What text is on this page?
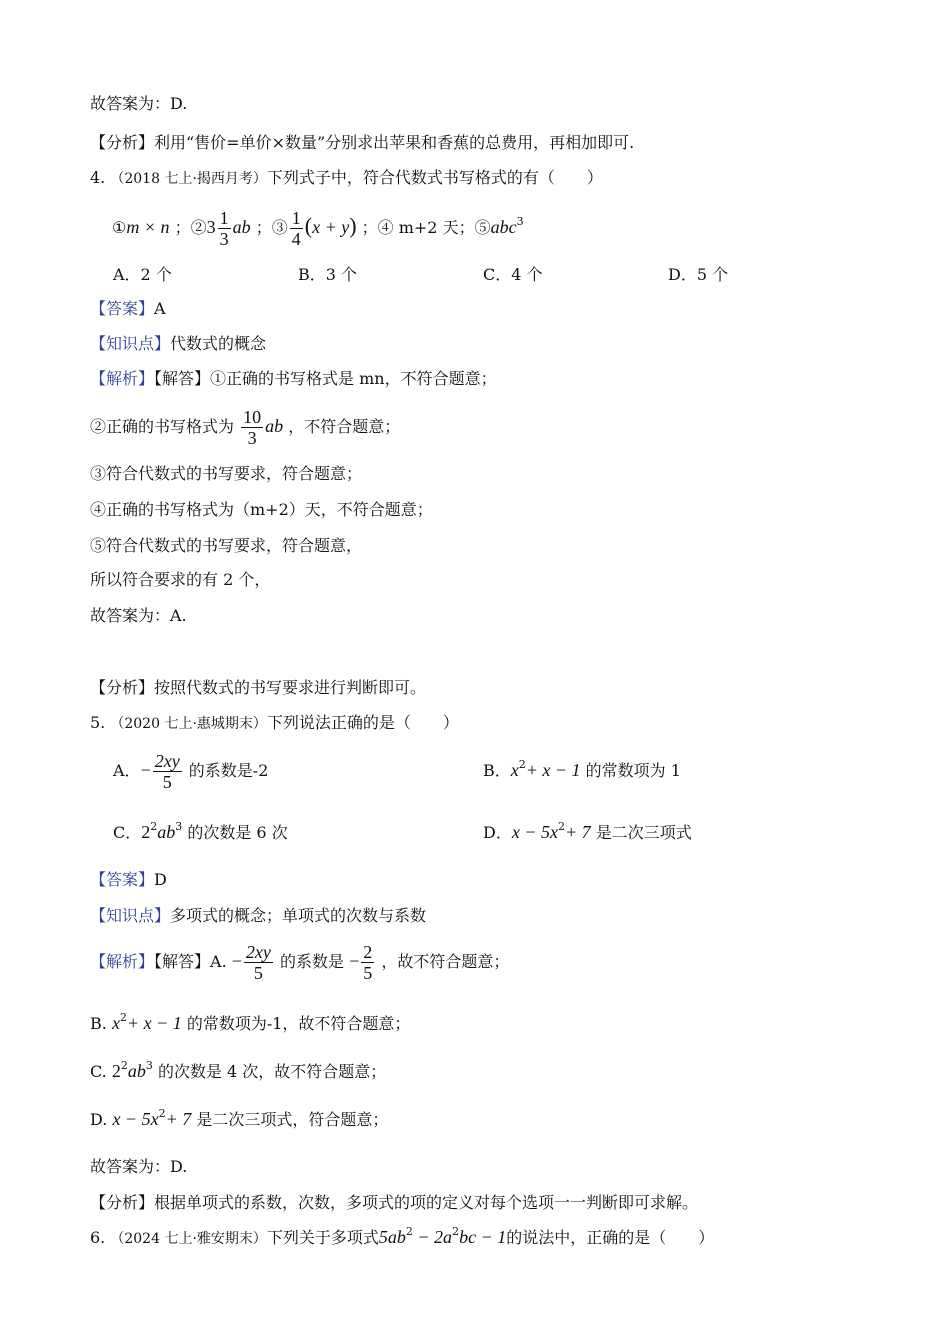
故答案为：D.
【分析】利用“售价=单价×数量”分别求出苹果和香蕉的总费用，再相加即可.
4. （2018 七上·揭西月考）下列式子中，符合代数式书写格式的有（　　）
①m × n ；②3 $\frac{1}{3}$ ab ；③ $\frac{1}{4} (x + y)$ ；④ m+2 天；⑤abc$^3$
A．2 个	B．3 个	C．4 个	D．5 个
【答案】A
【知识点】代数式的概念
【解析】【解答】①正确的书写格式是 mn，不符合题意；
②正确的书写格式为 $\frac{10}{3}$ ab ，不符合题意；
③符合代数式的书写要求，符合题意；
④正确的书写格式为（m+2）天，不符合题意；
⑤符合代数式的书写要求，符合题意，
所以符合要求的有 2 个，
故答案为：A.
【分析】按照代数式的书写要求进行判断即可。
5. （2020 七上·惠城期末）下列说法正确的是（　　）
A．− $\frac{2xy}{5}$ 的系数是-2	B．$x^2+ x - 1$ 的常数项为 1
C．$2^2ab^3$ 的次数是 6 次	D．$x - 5x^2+ 7$ 是二次三项式
【答案】D
【知识点】多项式的概念；单项式的次数与系数
【解析】【解答】A. − $\frac{2xy}{5}$ 的系数是 − $\frac{2}{5}$ ，故不符合题意；
B. $x^2+ x - 1$ 的常数项为-1，故不符合题意；
C. $2^2ab^3$ 的次数是 4 次，故不符合题意；
D. $x - 5x^2+ 7$ 是二次三项式，符合题意；
故答案为：D.
【分析】根据单项式的系数，次数，多项式的项的定义对每个选项一一判断即可求解。
6. （2024 七上·雅安期末）下列关于多项式$5ab^2 - 2a^2bc - 1$的说法中，正确的是（　　）
